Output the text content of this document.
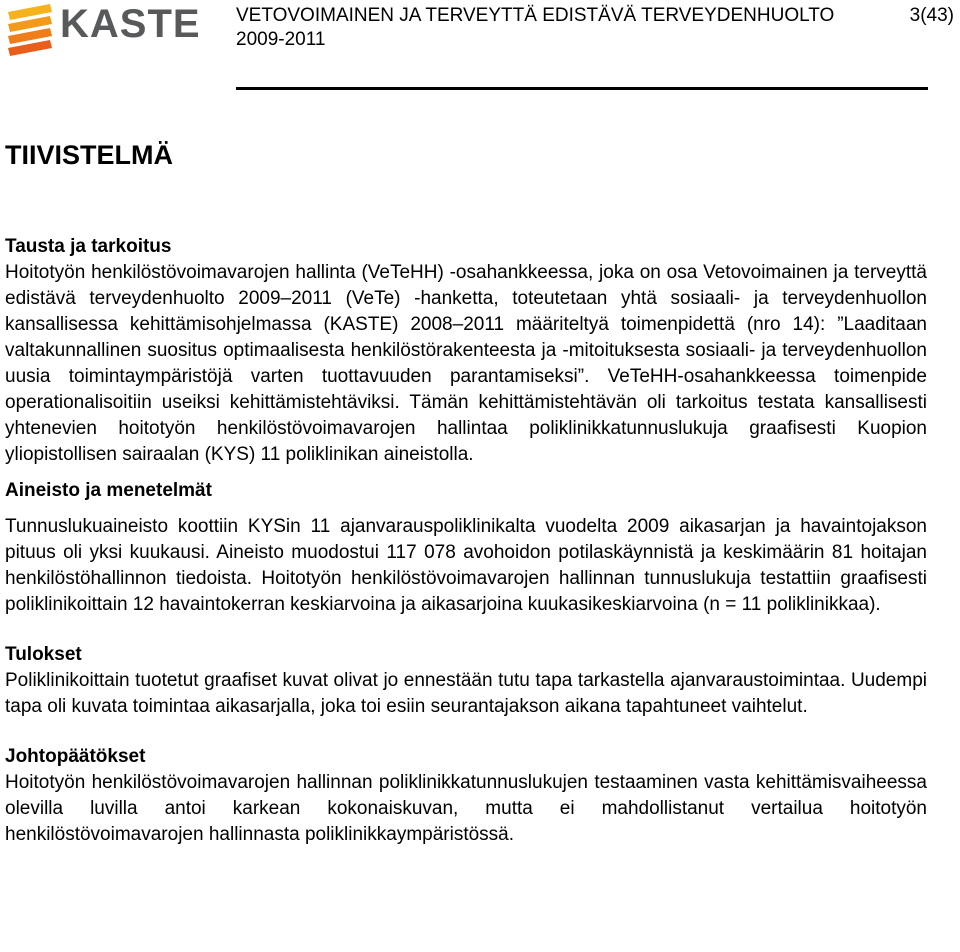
KASTE VETOVOIMAINEN JA TERVEYTTÄ EDISTÄVÄ TERVEYDENHUOLTO
2009-2011
3(43)
TIIVISTELMÄ
Tausta ja tarkoitus

Hoitotyön henkilöstövoimavarojen hallinta (VeTeHH) -osahankkeessa, joka on osa Vetovoimainen ja terveyttä edistävä terveydenhuolto 2009–2011 (VeTe) -hanketta, toteutetaan yhtä sosiaali- ja terveydenhuollon kansallisessa kehittämisohjelmassa (KASTE) 2008–2011 määriteltyä toimenpidettä (nro 14): ”Laaditaan valtakunnallinen suositus optimaalisesta henkilöstörakenteesta ja -mitoituksesta sosiaali- ja terveydenhuollon uusia toimintaympäristöjä varten tuottavuuden parantamiseksi”. VeTeHH-osahankkeessa toimenpide operationalisoitiin useiksi kehittämistehtäviksi. Tämän kehittämistehtävän oli tarkoitus testata kansallisesti yhtenevien hoitotyön henkilöstövoimavarojen hallintaa poliklinikkatunnuslukuja graafisesti Kuopion yliopistollisen sairaalan (KYS) 11 poliklinikan aineistolla.

Aineisto ja menetelmät

Tunnuslukuaineisto koottiin KYSin 11 ajanvarauspoliklinikalta vuodelta 2009 aikasarjan ja havaintojakson pituus oli yksi kuukausi. Aineisto muodostui 117 078 avohoidon potilaskäynnistä ja keskimäärin 81 hoitajan henkilöstöhallinnon tiedoista. Hoitotyön henkilöstövoimavarojen hallinnan tunnuslukuja testattiin graafisesti poliklinikoittain 12 havaintokerran keskiarvoina ja aikasarjoina kuukasikeskiarvoina (n = 11 poliklinikkaa).

Tulokset

Poliklinikoittain tuotetut graafiset kuvat olivat jo ennestään tutu tapa tarkastella ajanvaraustoimintaa. Uudempi tapa oli kuvata toimintaa aikasarjalla, joka toi esiin seurantajakson aikana tapahtuneet vaihtelut.

Johtopäätökset

Hoitotyön henkilöstövoimavarojen hallinnan poliklinikkatunnuslukujen testaaminen vasta kehittämisvaiheessa olevilla luvilla antoi karkean kokonaiskuvan, mutta ei mahdollistanut vertailua hoitotyön henkilöstövoimavarojen hallinnasta poliklinikkaympäristössä.
